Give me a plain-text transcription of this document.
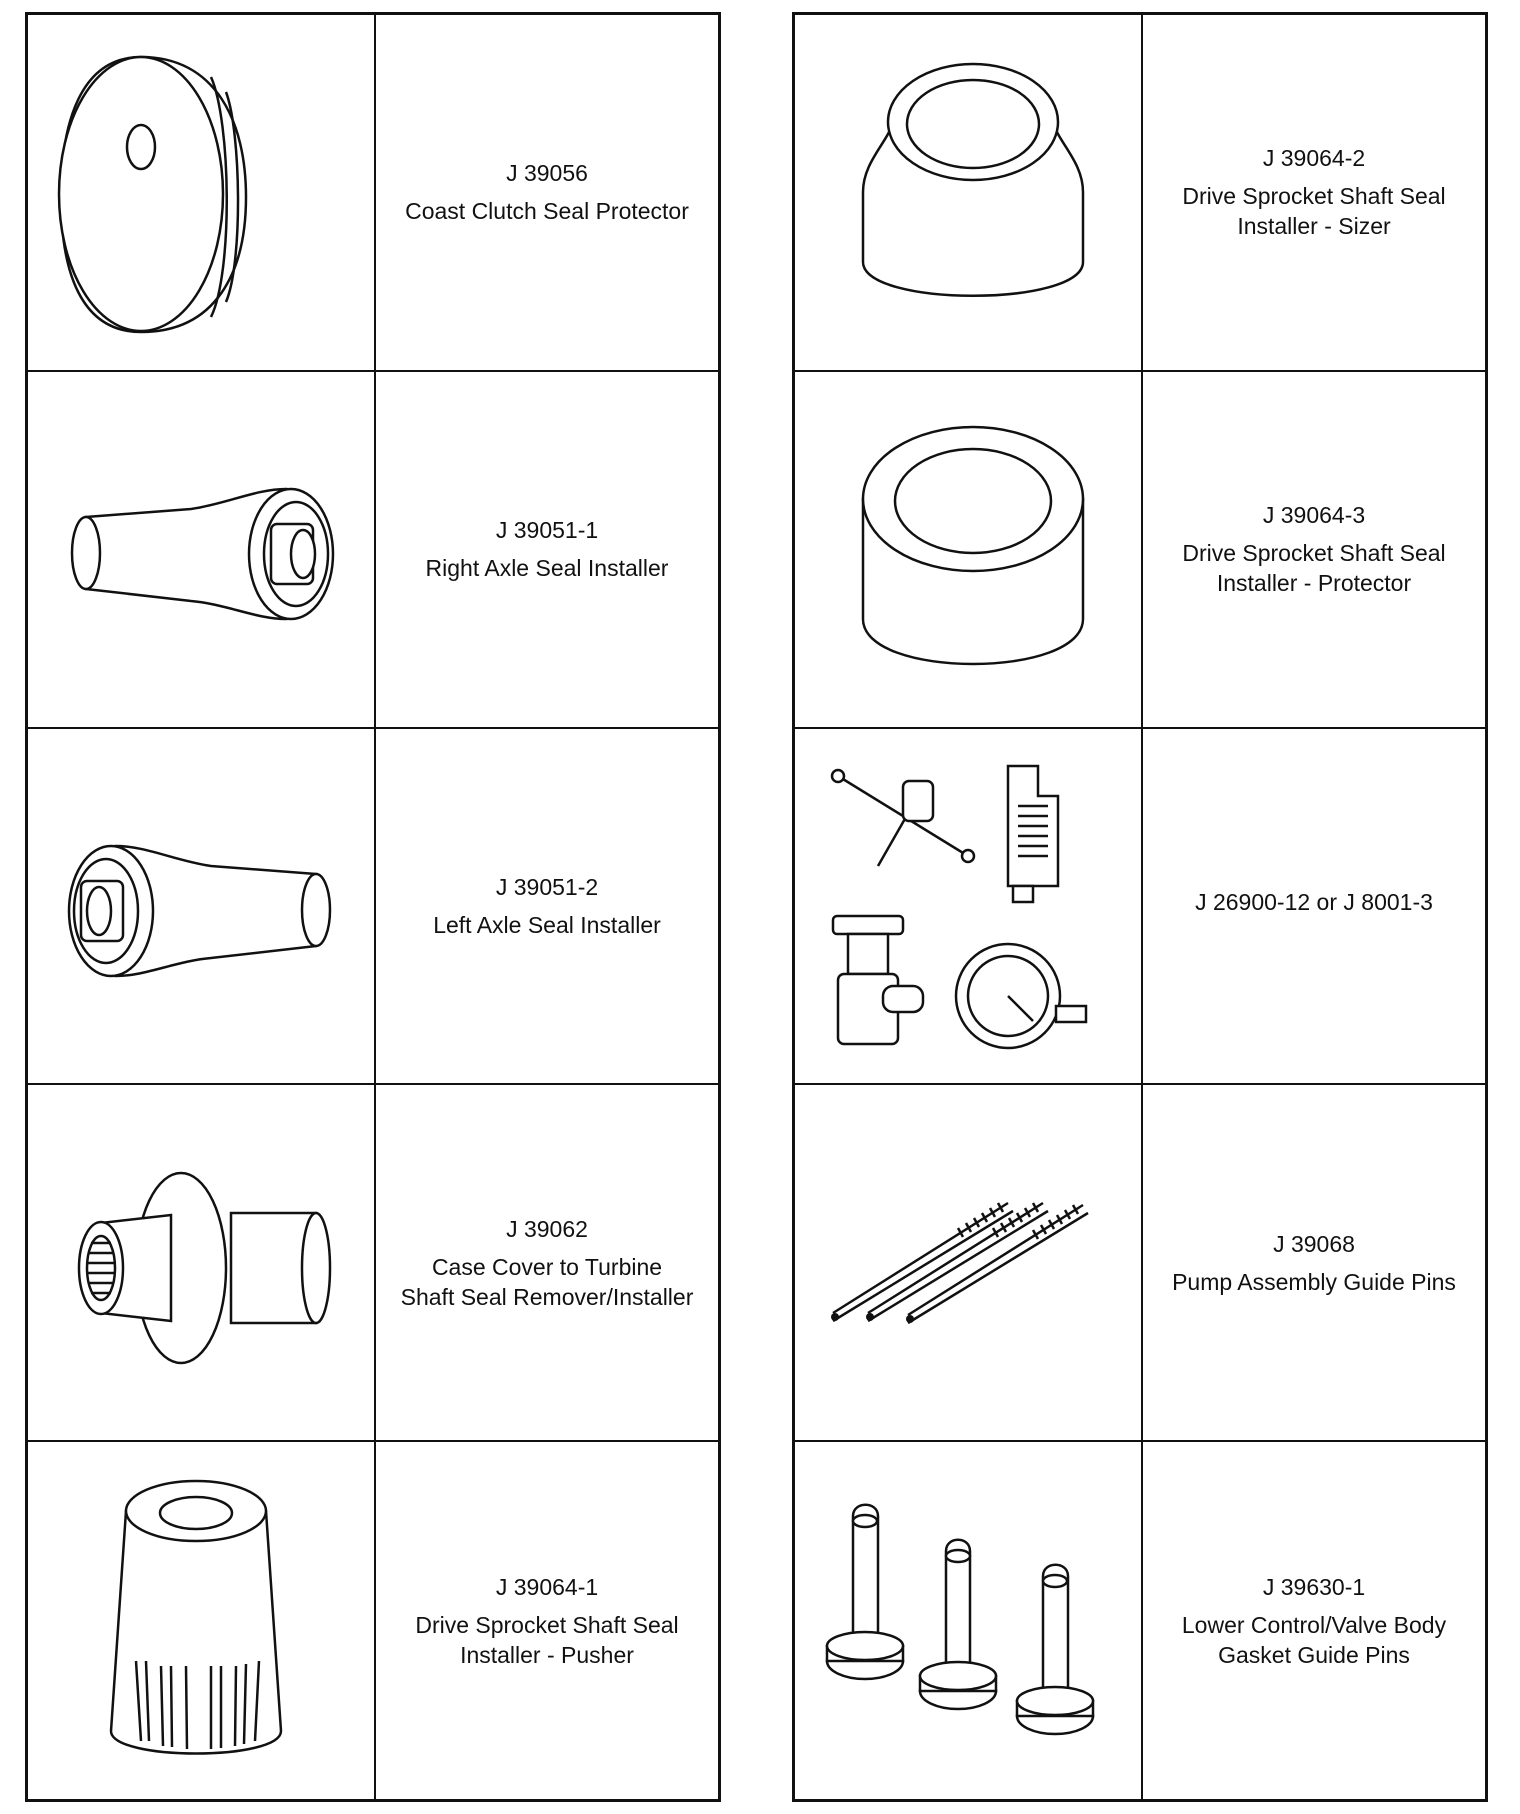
J 39056
Coast Clutch Seal Protector
J 39051-1
Right Axle Seal Installer
J 39051-2
Left Axle Seal Installer
J 39062
Case Cover to Turbine
Shaft Seal Remover/Installer
J 39064-1
Drive Sprocket Shaft Seal
Installer - Pusher
J 39064-2
Drive Sprocket Shaft Seal
Installer - Sizer
J 39064-3
Drive Sprocket Shaft Seal
Installer - Protector
J 26900-12 or J 8001-3
J 39068
Pump Assembly Guide Pins
J 39630-1
Lower Control/Valve Body
Gasket Guide Pins
